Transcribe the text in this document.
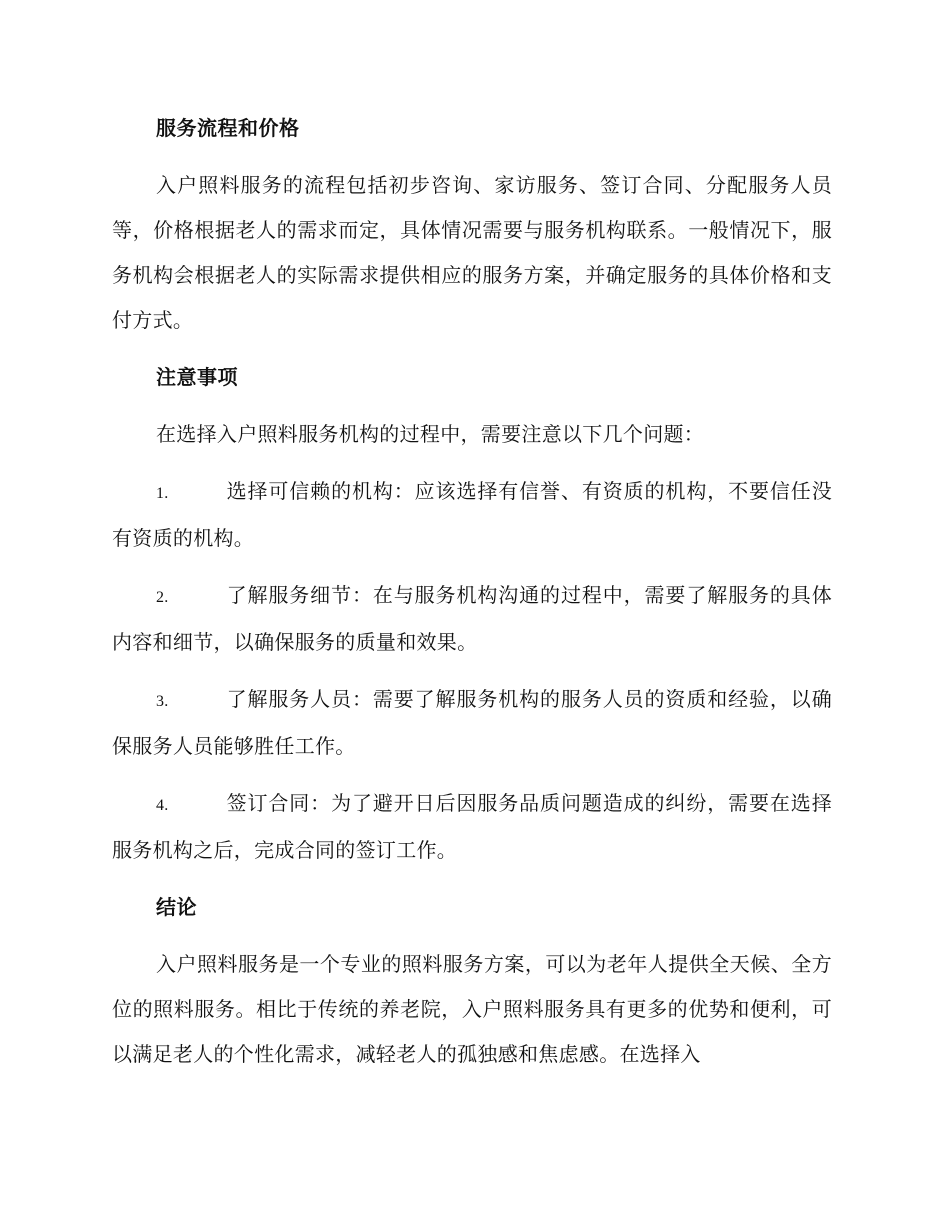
服务流程和价格

入户照料服务的流程包括初步咨询、家访服务、签订合同、分配服务人员等，价格根据老人的需求而定，具体情况需要与服务机构联系。一般情况下，服务机构会根据老人的实际需求提供相应的服务方案，并确定服务的具体价格和支付方式。

注意事项

在选择入户照料服务机构的过程中，需要注意以下几个问题：

1.	选择可信赖的机构：应该选择有信誉、有资质的机构，不要信任没有资质的机构。

2.	了解服务细节：在与服务机构沟通的过程中，需要了解服务的具体内容和细节，以确保服务的质量和效果。

3.	了解服务人员：需要了解服务机构的服务人员的资质和经验，以确保服务人员能够胜任工作。

4.	签订合同：为了避开日后因服务品质问题造成的纠纷，需要在选择服务机构之后，完成合同的签订工作。

结论

入户照料服务是一个专业的照料服务方案，可以为老年人提供全天候、全方位的照料服务。相比于传统的养老院，入户照料服务具有更多的优势和便利，可以满足老人的个性化需求，减轻老人的孤独感和焦虑感。在选择入
